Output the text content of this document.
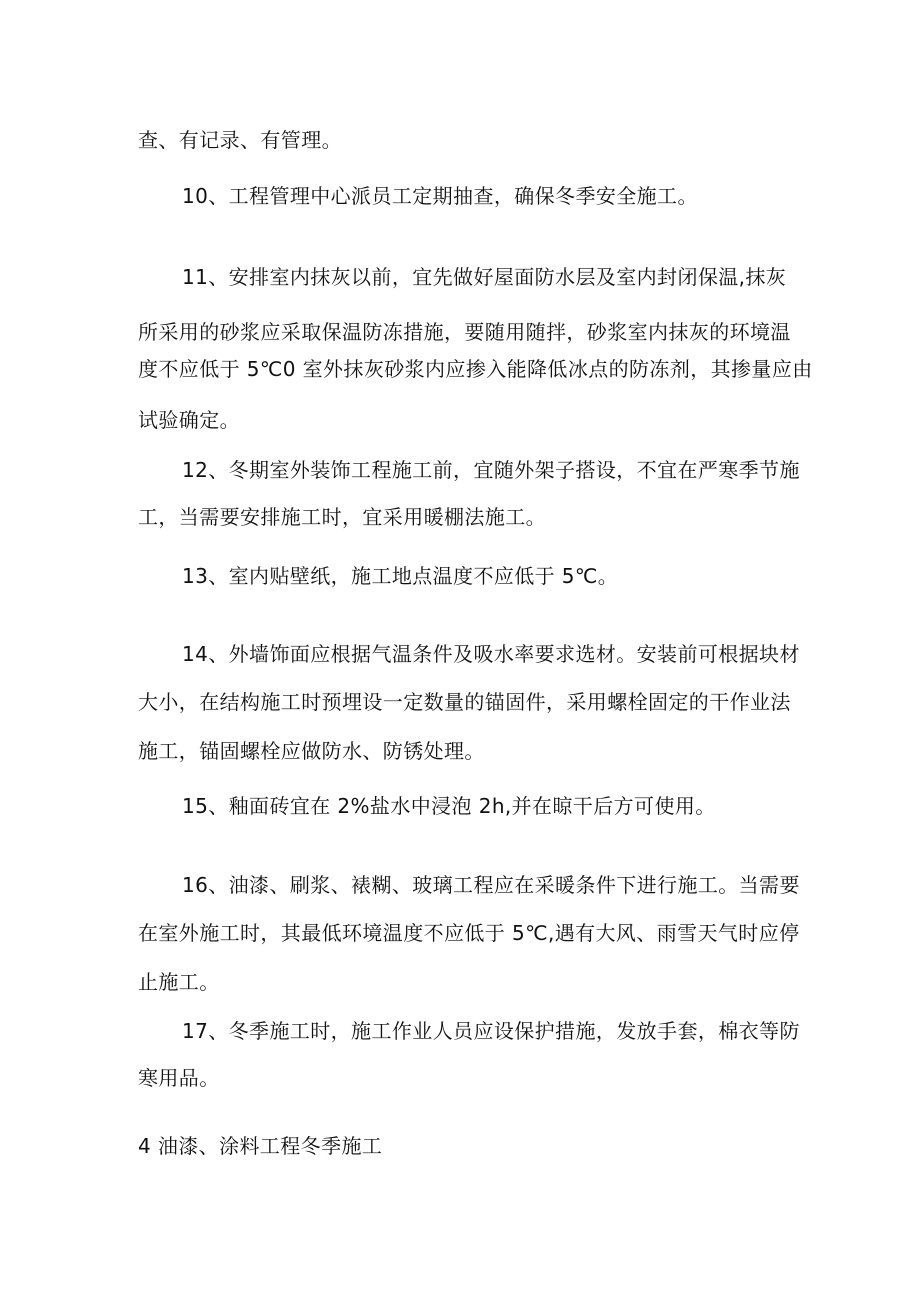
查、有记录、有管理。
10、工程管理中心派员工定期抽查，确保冬季安全施工。
11、安排室内抹灰以前，宜先做好屋面防水层及室内封闭保温,抹灰
所采用的砂浆应采取保温防冻措施，要随用随拌，砂浆室内抹灰的环境温
度不应低于 5℃0 室外抹灰砂浆内应掺入能降低冰点的防冻剂，其掺量应由
试验确定。
12、冬期室外装饰工程施工前，宜随外架子搭设，不宜在严寒季节施
工，当需要安排施工时，宜采用暖棚法施工。
13、室内贴壁纸，施工地点温度不应低于 5℃。
14、外墙饰面应根据气温条件及吸水率要求选材。安装前可根据块材
大小，在结构施工时预埋设一定数量的锚固件，采用螺栓固定的干作业法
施工，锚固螺栓应做防水、防锈处理。
15、釉面砖宜在 2%盐水中浸泡 2h,并在晾干后方可使用。
16、油漆、刷浆、裱糊、玻璃工程应在采暖条件下进行施工。当需要
在室外施工时，其最低环境温度不应低于 5℃,遇有大风、雨雪天气时应停
止施工。
17、冬季施工时，施工作业人员应设保护措施，发放手套，棉衣等防
寒用品。
4 油漆、涂料工程冬季施工
